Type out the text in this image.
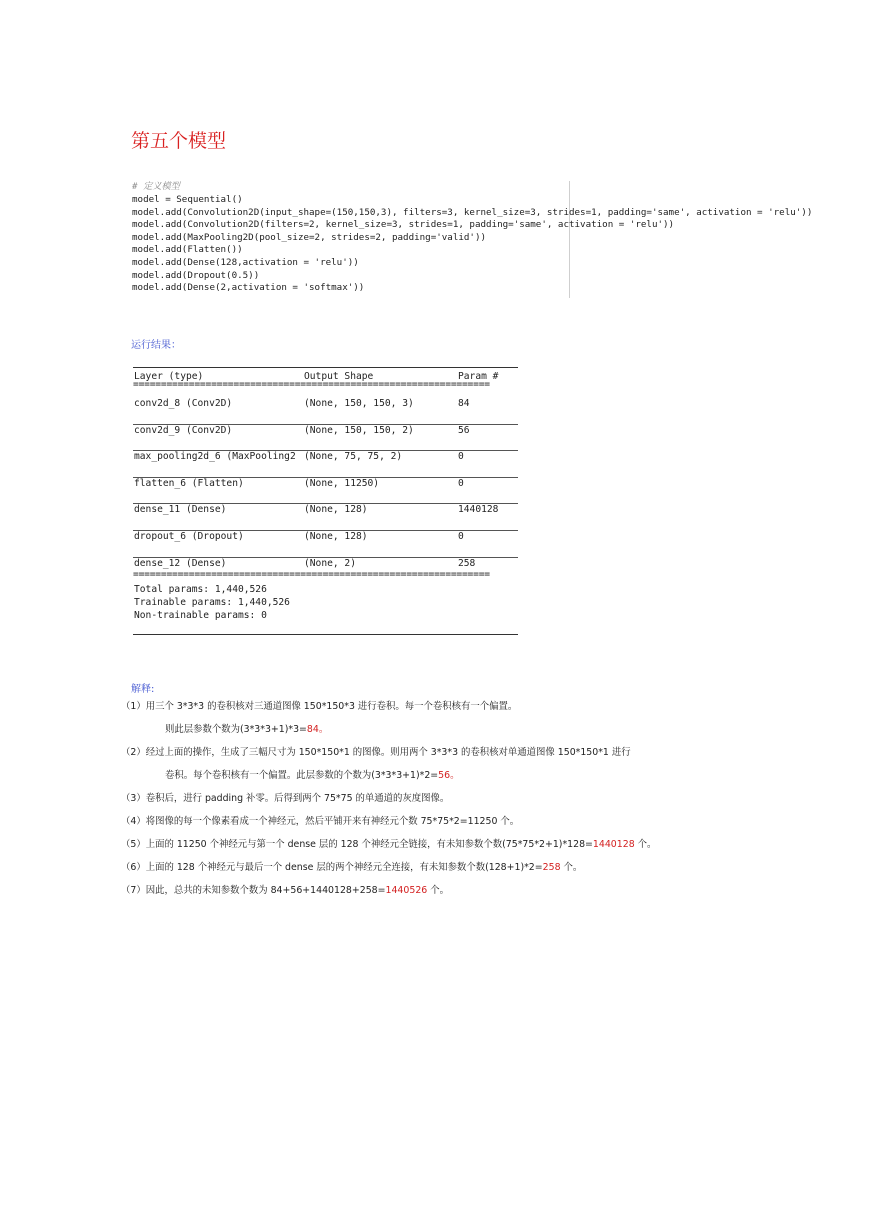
第五个模型
# 定义模型
model = Sequential()
model.add(Convolution2D(input_shape=(150,150,3), filters=3, kernel_size=3, strides=1, padding='same', activation = 'relu'))
model.add(Convolution2D(filters=2, kernel_size=3, strides=1, padding='same', activation = 'relu'))
model.add(MaxPooling2D(pool_size=2, strides=2, padding='valid'))
model.add(Flatten())
model.add(Dense(128,activation = 'relu'))
model.add(Dropout(0.5))
model.add(Dense(2,activation = 'softmax'))
运行结果：
Layer (type)	Output Shape	Param #
================================================================
conv2d_8 (Conv2D)	(None, 150, 150, 3)	84
conv2d_9 (Conv2D)	(None, 150, 150, 2)	56
max_pooling2d_6 (MaxPooling2 (None, 75, 75, 2)	0
flatten_6 (Flatten)	(None, 11250)	0
dense_11 (Dense)	(None, 128)	1440128
dropout_6 (Dropout)	(None, 128)	0
dense_12 (Dense)	(None, 2)	258
================================================================
Total params: 1,440,526
Trainable params: 1,440,526
Non-trainable params: 0
解释:
（1）用三个 3*3*3 的卷积核对三通道图像 150*150*3 进行卷积。每一个卷积核有一个偏置。
则此层参数个数为(3*3*3+1)*3=84。
（2）经过上面的操作，生成了三幅尺寸为 150*150*1 的图像。则用两个 3*3*3 的卷积核对单通道图像 150*150*1 进行
卷积。每个卷积核有一个偏置。此层参数的个数为(3*3*3+1)*2=56。
（3）卷积后，进行 padding 补零。后得到两个 75*75 的单通道的灰度图像。
（4）将图像的每一个像素看成一个神经元，然后平铺开来有神经元个数 75*75*2=11250 个。
（5）上面的 11250 个神经元与第一个 dense 层的 128 个神经元全链接，有未知参数个数(75*75*2+1)*128=1440128 个。
（6）上面的 128 个神经元与最后一个 dense 层的两个神经元全连接，有未知参数个数(128+1)*2=258 个。
（7）因此，总共的未知参数个数为 84+56+1440128+258=1440526 个。
